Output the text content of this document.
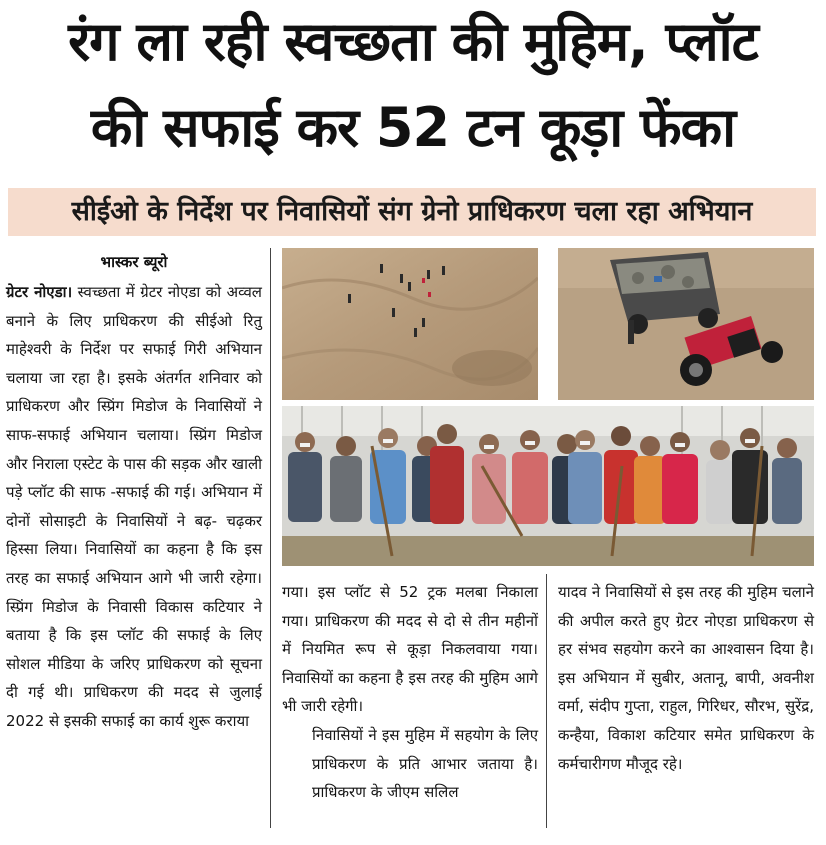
रंग ला रही स्वच्छता की मुहिम, प्लॉट
की सफाई कर 52 टन कूड़ा फेंका
सीईओ के निर्देश पर निवासियों संग ग्रेनो प्राधिकरण चला रहा अभियान
भास्कर ब्यूरो

ग्रेटर नोएडा। स्वच्छता में ग्रेटर नोएडा को अव्वल बनाने के लिए प्राधिकरण की सीईओ रितु माहेश्वरी के निर्देश पर सफाई गिरी अभियान चलाया जा रहा है। इसके अंतर्गत शनिवार को प्राधिकरण और स्प्रिंग मिडोज के निवासियों ने साफ-सफाई अभियान चलाया। स्प्रिंग मिडोज और निराला एस्टेट के पास की सड़क और खाली पड़े प्लॉट की साफ -सफाई की गई। अभियान में दोनों सोसाइटी के निवासियों ने बढ़- चढ़कर हिस्सा लिया। निवासियों का कहना है कि इस तरह का सफाई अभियान आगे भी जारी रहेगा। स्प्रिंग मिडोज के निवासी विकास कटियार ने बताया है कि इस प्लॉट की सफाई के लिए सोशल मीडिया के जरिए प्राधिकरण को सूचना दी गई थी। प्राधिकरण की मदद से जुलाई 2022 से इसकी सफाई का कार्य शुरू कराया

गया। इस प्लॉट से 52 ट्रक मलबा निकाला गया। प्राधिकरण की मदद से दो से तीन महीनों में नियमित रूप से कूड़ा निकलवाया गया। निवासियों का कहना है इस तरह की मुहिम आगे भी जारी रहेगी।

निवासियों ने इस मुहिम में सहयोग के लिए प्राधिकरण के प्रति आभार जताया है। प्राधिकरण के जीएम सलिल

यादव ने निवासियों से इस तरह की मुहिम चलाने की अपील करते हुए ग्रेटर नोएडा प्राधिकरण से हर संभव सहयोग करने का आश्वासन दिया है। इस अभियान में सुबीर, अतानू, बापी, अवनीश वर्मा, संदीप गुप्ता, राहुल, गिरिधर, सौरभ, सुरेंद्र, कन्हैया, विकाश कटियार समेत प्राधिकरण के कर्मचारीगण मौजूद रहे।
